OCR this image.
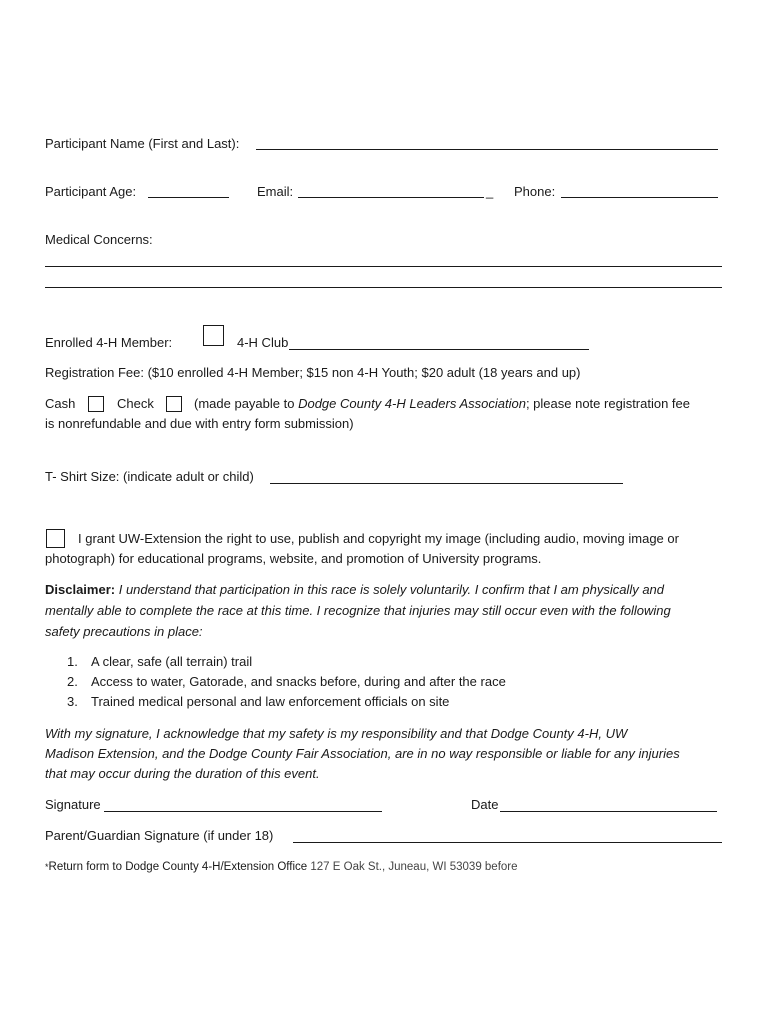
Participant Name (First and Last):
Participant Age:	Email:	_ Phone:
Medical Concerns:
Enrolled 4-H Member:	4-H Club
Registration Fee: ($10 enrolled 4-H Member; $15 non 4-H Youth; $20 adult (18 years and up)
Cash	Check	(made payable to Dodge County 4-H Leaders Association; please note registration fee
is nonrefundable and due with entry form submission)
T- Shirt Size: (indicate adult or child)
I grant UW-Extension the right to use, publish and copyright my image (including audio, moving image or
photograph) for educational programs, website, and promotion of University programs.
Disclaimer: I understand that participation in this race is solely voluntarily. I confirm that I am physically and
mentally able to complete the race at this time. I recognize that injuries may still occur even with the following
safety precautions in place:
1. A clear, safe (all terrain) trail
2. Access to water, Gatorade, and snacks before, during and after the race
3. Trained medical personal and law enforcement officials on site
With my signature, I acknowledge that my safety is my responsibility and that Dodge County 4-H, UW
Madison Extension, and the Dodge County Fair Association, are in no way responsible or liable for any injuries
that may occur during the duration of this event.
Signature	Date
Parent/Guardian Signature (if under 18)
*Return form to Dodge County 4-H/Extension Office 127 E Oak St., Juneau, WI 53039 before
